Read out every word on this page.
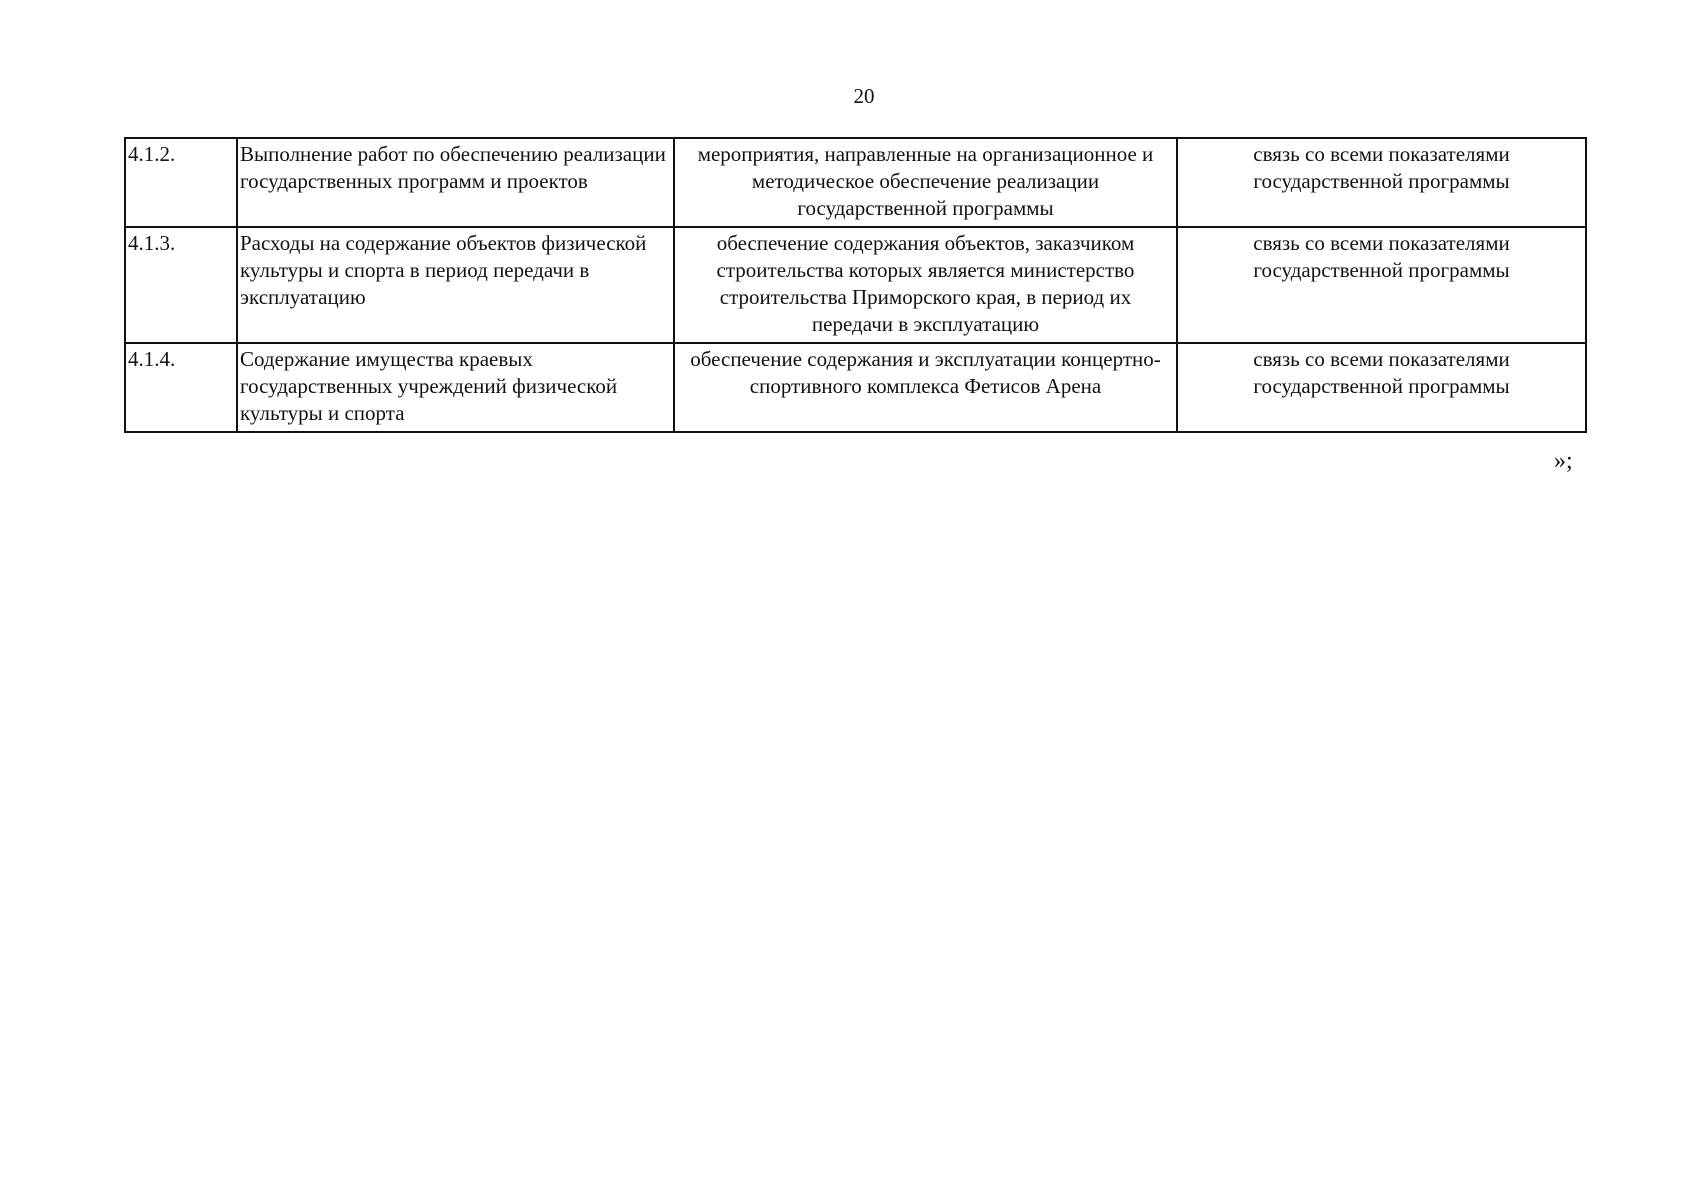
20
4.1.2.	Выполнение работ по обеспечению реализации государственных программ и проектов	мероприятия, направленные на организационное и методическое обеспечение реализации государственной программы	связь со всеми показателями государственной программы
4.1.3.	Расходы на содержание объектов физической культуры и спорта в период передачи в эксплуатацию	обеспечение содержания объектов, заказчиком строительства которых является министерство строительства Приморского края, в период их передачи в эксплуатацию	связь со всеми показателями государственной программы
4.1.4.	Содержание имущества краевых государственных учреждений физической культуры и спорта	обеспечение содержания и эксплуатации концертно-спортивного комплекса Фетисов Арена	связь со всеми показателями государственной программы
»;
